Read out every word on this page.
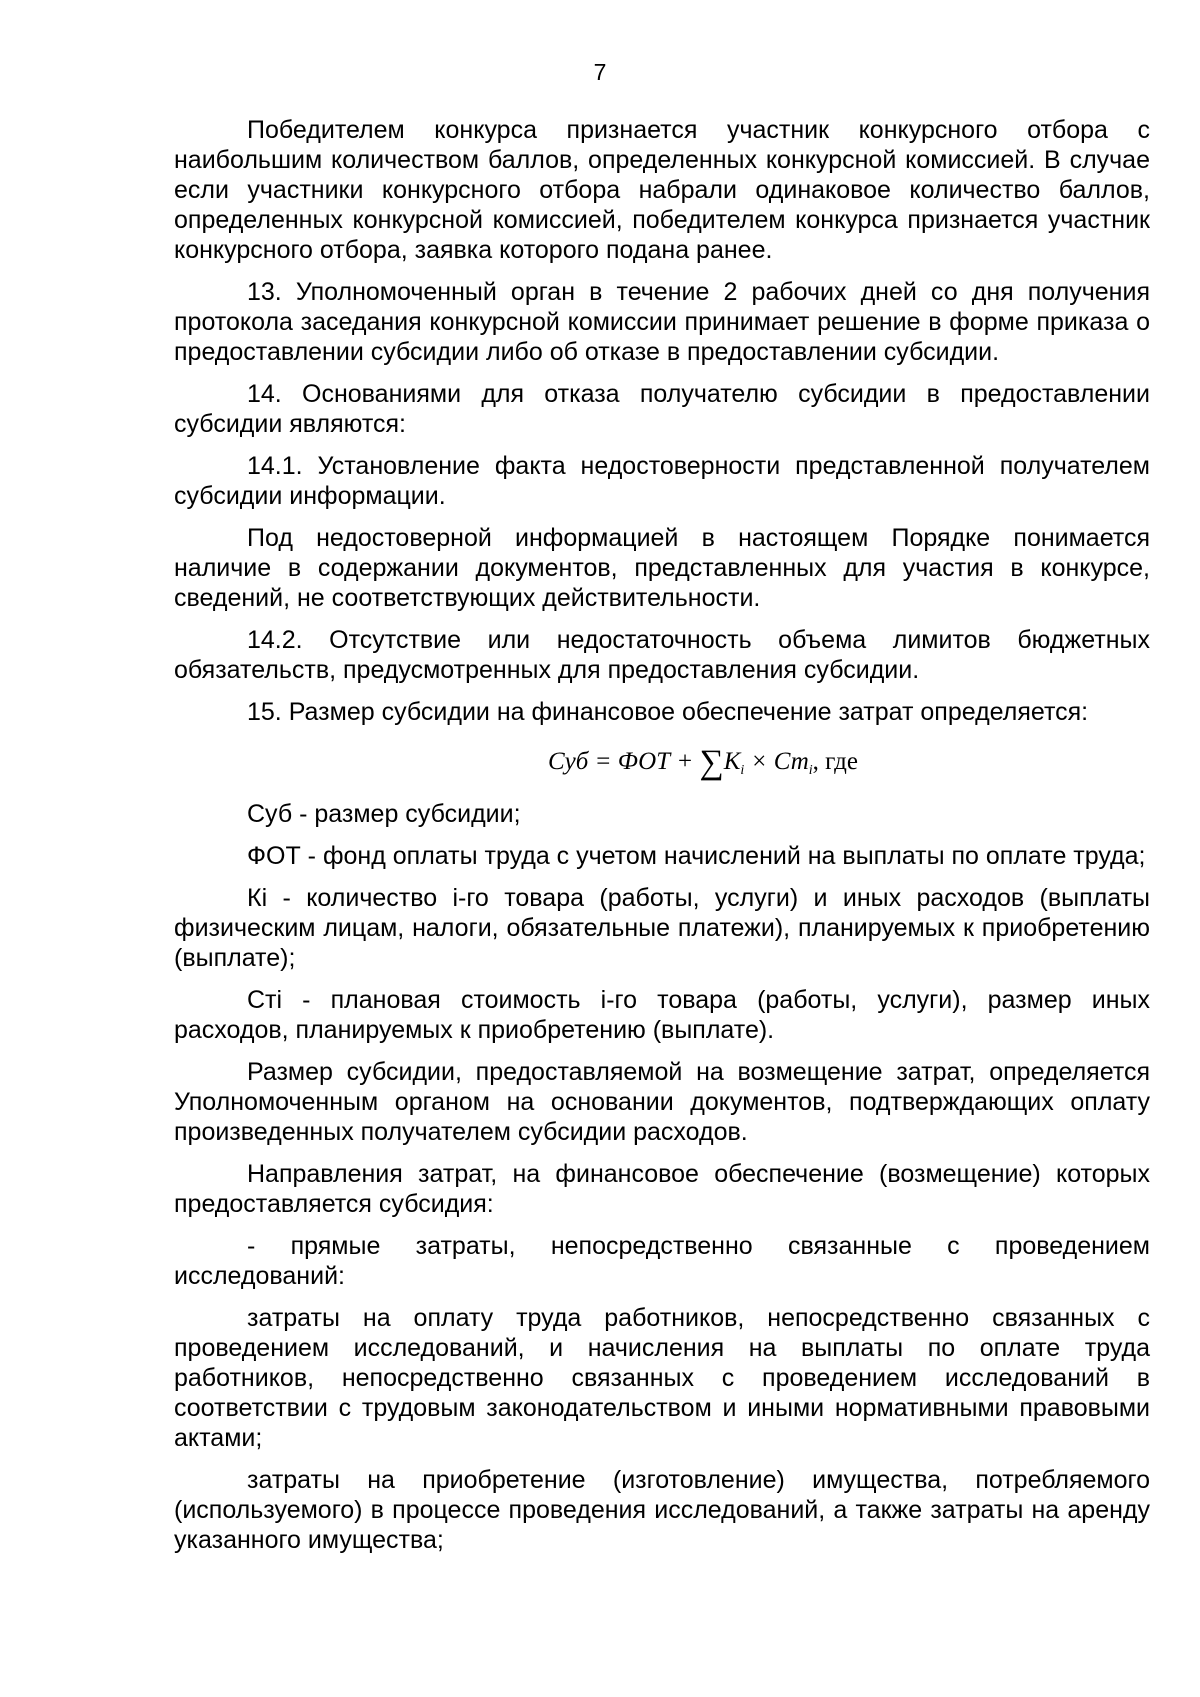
7

Победителем конкурса признается участник конкурсного отбора с наибольшим количеством баллов, определенных конкурсной комиссией. В случае если участники конкурсного отбора набрали одинаковое количество баллов, определенных конкурсной комиссией, победителем конкурса признается участник конкурсного отбора, заявка которого подана ранее.

13. Уполномоченный орган в течение 2 рабочих дней со дня получения протокола заседания конкурсной комиссии принимает решение в форме приказа о предоставлении субсидии либо об отказе в предоставлении субсидии.

14. Основаниями для отказа получателю субсидии в предоставлении субсидии являются:

14.1. Установление факта недостоверности представленной получателем субсидии информации.

Под недостоверной информацией в настоящем Порядке понимается наличие в содержании документов, представленных для участия в конкурсе, сведений, не соответствующих действительности.

14.2. Отсутствие или недостаточность объема лимитов бюджетных обязательств, предусмотренных для предоставления субсидии.

15. Размер субсидии на финансовое обеспечение затрат определяется:

Суб = ФОТ + $\sum K_i \times Ст_i$, где

Суб - размер субсидии;

ФОТ - фонд оплаты труда с учетом начислений на выплаты по оплате труда;

Кi - количество i-го товара (работы, услуги) и иных расходов (выплаты физическим лицам, налоги, обязательные платежи), планируемых к приобретению (выплате);

Стi - плановая стоимость i-го товара (работы, услуги), размер иных расходов, планируемых к приобретению (выплате).

Размер субсидии, предоставляемой на возмещение затрат, определяется Уполномоченным органом на основании документов, подтверждающих оплату произведенных получателем субсидии расходов.

Направления затрат, на финансовое обеспечение (возмещение) которых предоставляется субсидия:

- прямые затраты, непосредственно связанные с проведением исследований:

затраты на оплату труда работников, непосредственно связанных с проведением исследований, и начисления на выплаты по оплате труда работников, непосредственно связанных с проведением исследований в соответствии с трудовым законодательством и иными нормативными правовыми актами;

затраты на приобретение (изготовление) имущества, потребляемого (используемого) в процессе проведения исследований, а также затраты на аренду указанного имущества;
